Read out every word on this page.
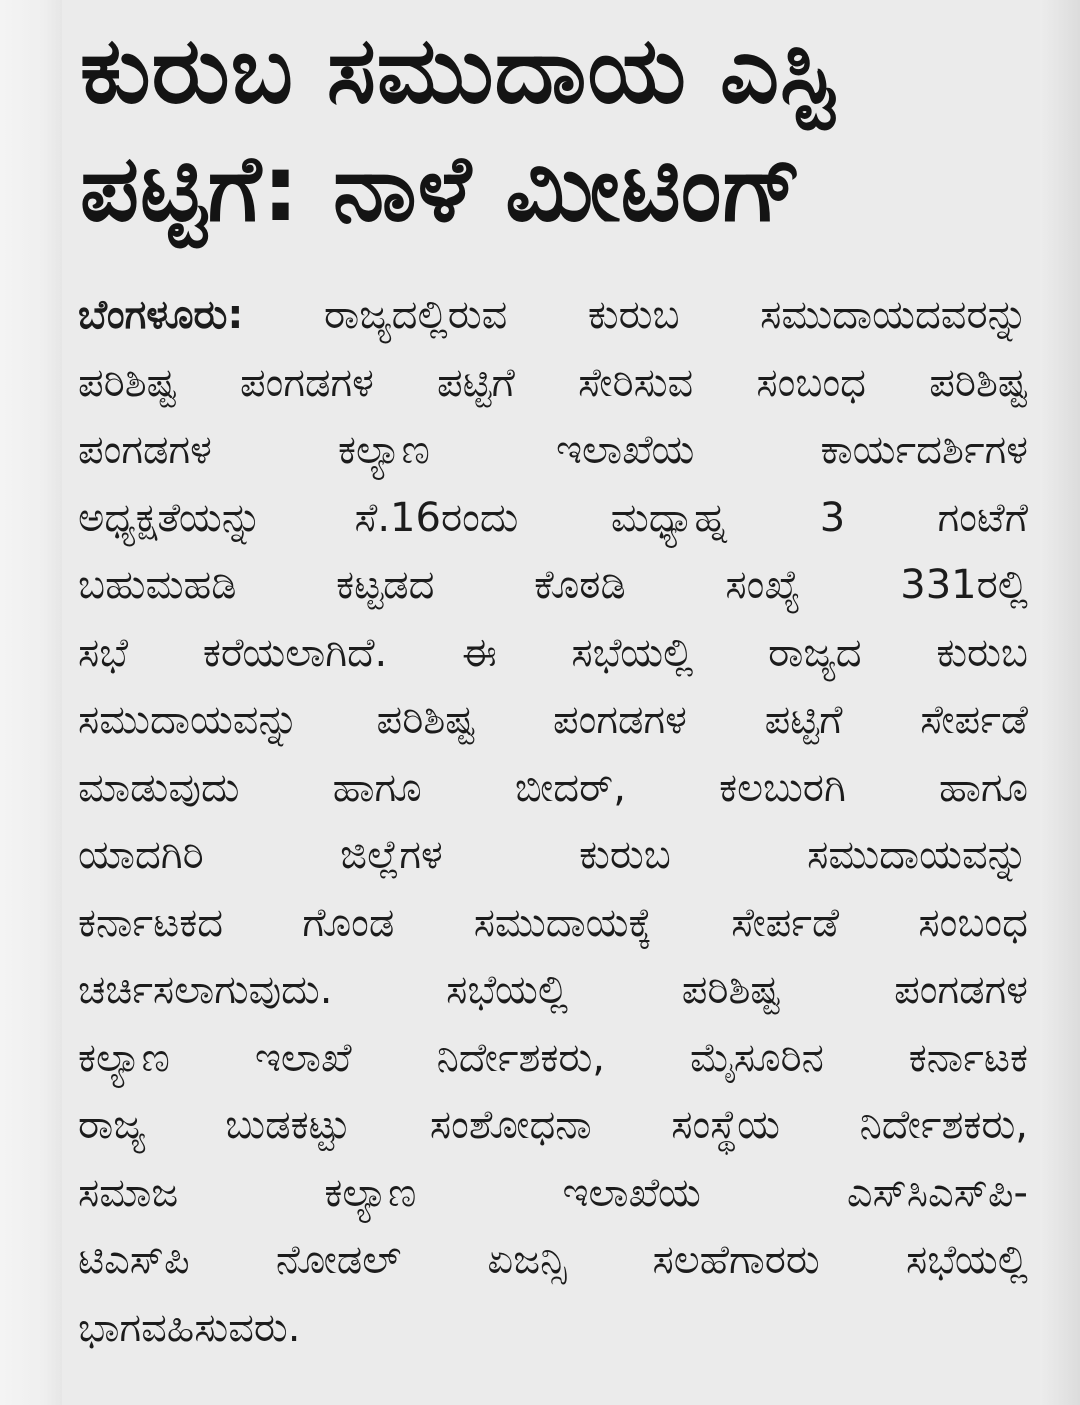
ಕುರುಬ ಸಮುದಾಯ ಎಸ್ಟಿ
ಪಟ್ಟಿಗೆ: ನಾಳೆ ಮೀಟಿಂಗ್
ಬೆಂಗಳೂರು: ರಾಜ್ಯದಲ್ಲಿರುವ ಕುರುಬ ಸಮುದಾಯದವರನ್ನು
ಪರಿಶಿಷ್ಟ ಪಂಗಡಗಳ ಪಟ್ಟಿಗೆ ಸೇರಿಸುವ ಸಂಬಂಧ ಪರಿಶಿಷ್ಟ
ಪಂಗಡಗಳ ಕಲ್ಯಾಣ ಇಲಾಖೆಯ ಕಾರ್ಯದರ್ಶಿಗಳ
ಅಧ್ಯಕ್ಷತೆಯನ್ನು ಸೆ.16ರಂದು ಮಧ್ಯಾಹ್ನ 3 ಗಂಟೆಗೆ
ಬಹುಮಹಡಿ ಕಟ್ಟಡದ ಕೊಠಡಿ ಸಂಖ್ಯೆ 331ರಲ್ಲಿ
ಸಭೆ ಕರೆಯಲಾಗಿದೆ. ಈ ಸಭೆಯಲ್ಲಿ ರಾಜ್ಯದ ಕುರುಬ
ಸಮುದಾಯವನ್ನು ಪರಿಶಿಷ್ಟ ಪಂಗಡಗಳ ಪಟ್ಟಿಗೆ ಸೇರ್ಪಡೆ
ಮಾಡುವುದು ಹಾಗೂ ಬೀದರ್, ಕಲಬುರಗಿ ಹಾಗೂ
ಯಾದಗಿರಿ ಜಿಲ್ಲೆಗಳ ಕುರುಬ ಸಮುದಾಯವನ್ನು
ಕರ್ನಾಟಕದ ಗೊಂಡ ಸಮುದಾಯಕ್ಕೆ ಸೇರ್ಪಡೆ ಸಂಬಂಧ
ಚರ್ಚಿಸಲಾಗುವುದು. ಸಭೆಯಲ್ಲಿ ಪರಿಶಿಷ್ಟ ಪಂಗಡಗಳ
ಕಲ್ಯಾಣ ಇಲಾಖೆ ನಿರ್ದೇಶಕರು, ಮೈಸೂರಿನ ಕರ್ನಾಟಕ
ರಾಜ್ಯ ಬುಡಕಟ್ಟು ಸಂಶೋಧನಾ ಸಂಸ್ಥೆಯ ನಿರ್ದೇಶಕರು,
ಸಮಾಜ ಕಲ್ಯಾಣ ಇಲಾಖೆಯ ಎಸ್‌ಸಿಎಸ್‌ಪಿ-
ಟಿಎಸ್‌ಪಿ ನೋಡಲ್ ಏಜನ್ಸಿ ಸಲಹೆಗಾರರು ಸಭೆಯಲ್ಲಿ
ಭಾಗವಹಿಸುವರು.
